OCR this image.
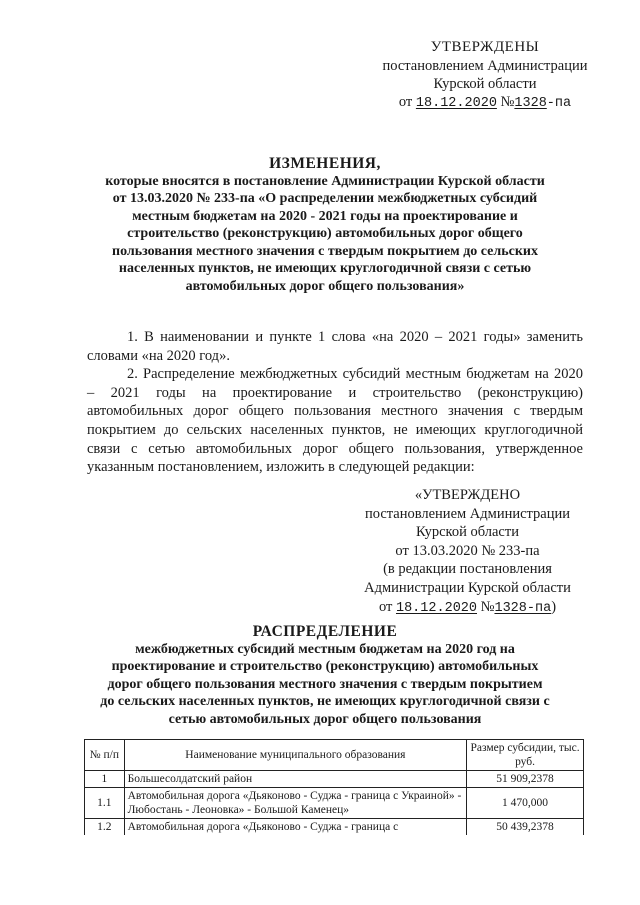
УТВЕРЖДЕНЫ
постановлением Администрации
Курской области
от 18.12.2020 №1328-па
ИЗМЕНЕНИЯ,
которые вносятся в постановление Администрации Курской области
от 13.03.2020 № 233-па «О распределении межбюджетных субсидий
местным бюджетам на 2020 - 2021 годы на проектирование и
строительство (реконструкцию) автомобильных дорог общего
пользования местного значения с твердым покрытием до сельских
населенных пунктов, не имеющих круглогодичной связи с сетью
автомобильных дорог общего пользования»

1. В наименовании и пункте 1 слова «на 2020 – 2021 годы» заменить словами «на 2020 год».

2. Распределение межбюджетных субсидий местным бюджетам на 2020 – 2021 годы на проектирование и строительство (реконструкцию) автомобильных дорог общего пользования местного значения с твердым покрытием до сельских населенных пунктов, не имеющих круглогодичной связи с сетью автомобильных дорог общего пользования, утвержденное указанным постановлением, изложить в следующей редакции:

«УТВЕРЖДЕНО
постановлением Администрации
Курской области
от 13.03.2020 № 233-па
(в редакции постановления
Администрации Курской области
от 18.12.2020 №1328-па)
РАСПРЕДЕЛЕНИЕ
межбюджетных субсидий местным бюджетам на 2020 год на
проектирование и строительство (реконструкцию) автомобильных
дорог общего пользования местного значения с твердым покрытием
до сельских населенных пунктов, не имеющих круглогодичной связи с
сетью автомобильных дорог общего пользования
№ п/п	Наименование муниципального образования	Размер субсидии, тыс. руб.
1	Большесолдатский район	51 909,2378
1.1	Автомобильная дорога «Дьяконово - Суджа - граница с Украиной» - Любостань - Леоновка» - Большой Каменец»	1 470,000
1.2	Автомобильная дорога «Дьяконово - Суджа - граница с	50 439,2378
